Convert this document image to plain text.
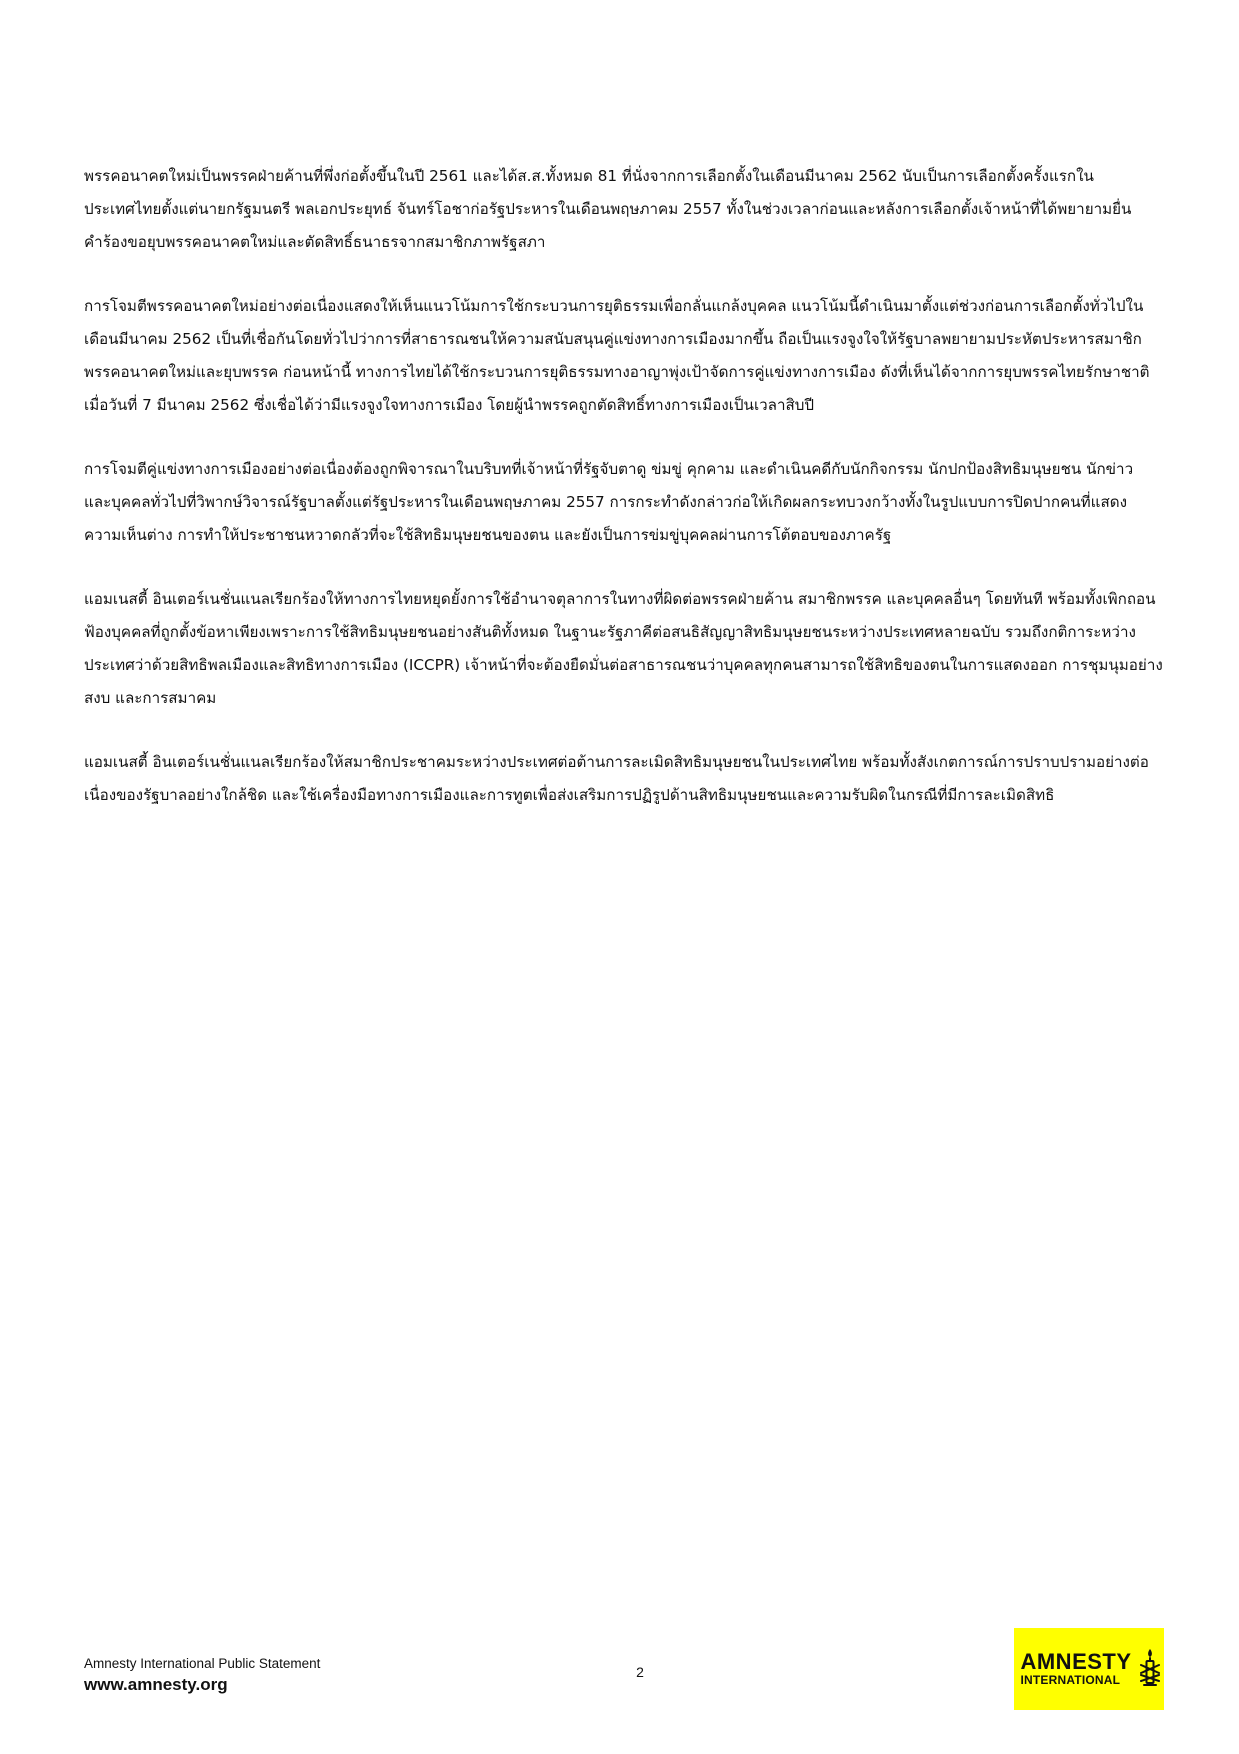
พรรคอนาคตใหม่เป็นพรรคฝ่ายค้านที่พึ่งก่อตั้งขึ้นในปี 2561 และได้ส.ส.ทั้งหมด 81 ที่นั่งจากการเลือกตั้งในเดือนมีนาคม 2562 นับเป็นการเลือกตั้งครั้งแรกในประเทศไทยตั้งแต่นายกรัฐมนตรี พลเอกประยุทธ์ จันทร์โอชาก่อรัฐประหารในเดือนพฤษภาคม 2557 ทั้งในช่วงเวลาก่อนและหลังการเลือกตั้งเจ้าหน้าที่ได้พยายามยื่นคำร้องขอยุบพรรคอนาคตใหม่และตัดสิทธิ์ธนาธรจากสมาชิกภาพรัฐสภา

การโจมตีพรรคอนาคตใหม่อย่างต่อเนื่องแสดงให้เห็นแนวโน้มการใช้กระบวนการยุติธรรมเพื่อกลั่นแกล้งบุคคล แนวโน้มนี้ดำเนินมาตั้งแต่ช่วงก่อนการเลือกตั้งทั่วไปในเดือนมีนาคม 2562 เป็นที่เชื่อกันโดยทั่วไปว่าการที่สาธารณชนให้ความสนับสนุนคู่แข่งทางการเมืองมากขึ้น ถือเป็นแรงจูงใจให้รัฐบาลพยายามประหัตประหารสมาชิกพรรคอนาคตใหม่และยุบพรรค ก่อนหน้านี้ ทางการไทยได้ใช้กระบวนการยุติธรรมทางอาญาพุ่งเป้าจัดการคู่แข่งทางการเมือง ดังที่เห็นได้จากการยุบพรรคไทยรักษาชาติเมื่อวันที่ 7 มีนาคม 2562 ซึ่งเชื่อได้ว่ามีแรงจูงใจทางการเมือง โดยผู้นำพรรคถูกตัดสิทธิ์ทางการเมืองเป็นเวลาสิบปี

การโจมตีคู่แข่งทางการเมืองอย่างต่อเนื่องต้องถูกพิจารณาในบริบทที่เจ้าหน้าที่รัฐจับตาดู ข่มขู่ คุกคาม และดำเนินคดีกับนักกิจกรรม นักปกป้องสิทธิมนุษยชน นักข่าว และบุคคลทั่วไปที่วิพากษ์วิจารณ์รัฐบาลตั้งแต่รัฐประหารในเดือนพฤษภาคม 2557 การกระทำดังกล่าวก่อให้เกิดผลกระทบวงกว้างทั้งในรูปแบบการปิดปากคนที่แสดงความเห็นต่าง การทำให้ประชาชนหวาดกลัวที่จะใช้สิทธิมนุษยชนของตน และยังเป็นการข่มขู่บุคคลผ่านการโต้ตอบของภาครัฐ

แอมเนสตี้ อินเตอร์เนชั่นแนลเรียกร้องให้ทางการไทยหยุดยั้งการใช้อำนาจตุลาการในทางที่ผิดต่อพรรคฝ่ายค้าน สมาชิกพรรค และบุคคลอื่นๆ โดยทันที พร้อมทั้งเพิกถอนฟ้องบุคคลที่ถูกตั้งข้อหาเพียงเพราะการใช้สิทธิมนุษยชนอย่างสันติทั้งหมด ในฐานะรัฐภาคีต่อสนธิสัญญาสิทธิมนุษยชนระหว่างประเทศหลายฉบับ รวมถึงกติการะหว่างประเทศว่าด้วยสิทธิพลเมืองและสิทธิทางการเมือง (ICCPR) เจ้าหน้าที่จะต้องยืดมั่นต่อสาธารณชนว่าบุคคลทุกคนสามารถใช้สิทธิของตนในการแสดงออก การชุมนุมอย่างสงบ และการสมาคม

แอมเนสตี้ อินเตอร์เนชั่นแนลเรียกร้องให้สมาชิกประชาคมระหว่างประเทศต่อต้านการละเมิดสิทธิมนุษยชนในประเทศไทย พร้อมทั้งสังเกตการณ์การปราบปรามอย่างต่อเนื่องของรัฐบาลอย่างใกล้ชิด และใช้เครื่องมือทางการเมืองและการทูตเพื่อส่งเสริมการปฏิรูปด้านสิทธิมนุษยชนและความรับผิดในกรณีที่มีการละเมิดสิทธิ

Amnesty International Public Statement
www.amnesty.org
2	AMNESTY
INTERNATIONAL
